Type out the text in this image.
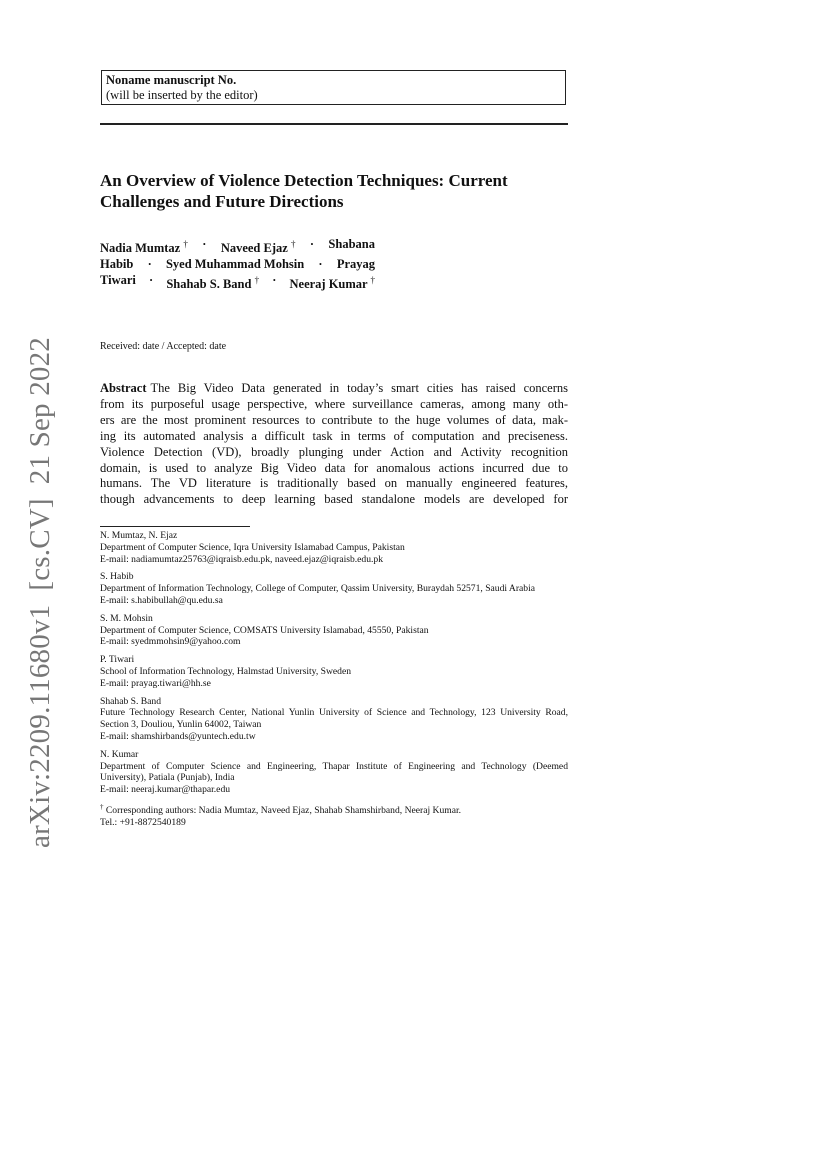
arXiv:2209.11680v1[cs.CV]21 Sep 2022
Noname manuscript No.
(will be inserted by the editor)
An Overview of Violence Detection Techniques: Current
Challenges and Future Directions
Nadia Mumtaz † · Naveed Ejaz † · Shabana
Habib · Syed Muhammad Mohsin · Prayag
Tiwari · Shahab S. Band † · Neeraj Kumar †
Received: date / Accepted: date
Abstract The Big Video Data generated in today’s smart cities has raised concerns
from its purposeful usage perspective, where surveillance cameras, among many oth-
ers are the most prominent resources to contribute to the huge volumes of data, mak-
ing its automated analysis a difficult task in terms of computation and preciseness.
Violence Detection (VD), broadly plunging under Action and Activity recognition
domain, is used to analyze Big Video data for anomalous actions incurred due to
humans. The VD literature is traditionally based on manually engineered features,
though advancements to deep learning based standalone models are developed for
N. Mumtaz, N. Ejaz
Department of Computer Science, Iqra University Islamabad Campus, Pakistan
E-mail: nadiamumtaz25763@iqraisb.edu.pk, naveed.ejaz@iqraisb.edu.pk
S. Habib
Department of Information Technology, College of Computer, Qassim University, Buraydah 52571, Saudi Arabia
E-mail: s.habibullah@qu.edu.sa
S. M. Mohsin
Department of Computer Science, COMSATS University Islamabad, 45550, Pakistan
E-mail: syedmmohsin9@yahoo.com
P. Tiwari
School of Information Technology, Halmstad University, Sweden
E-mail: prayag.tiwari@hh.se
Shahab S. Band
Future Technology Research Center, National Yunlin University of Science and Technology, 123 University Road, Section 3, Douliou, Yunlin 64002, Taiwan
E-mail: shamshirbands@yuntech.edu.tw
N. Kumar
Department of Computer Science and Engineering, Thapar Institute of Engineering and Technology (Deemed University), Patiala (Punjab), India
E-mail: neeraj.kumar@thapar.edu
† Corresponding authors: Nadia Mumtaz, Naveed Ejaz, Shahab Shamshirband, Neeraj Kumar.
Tel.: +91-8872540189
